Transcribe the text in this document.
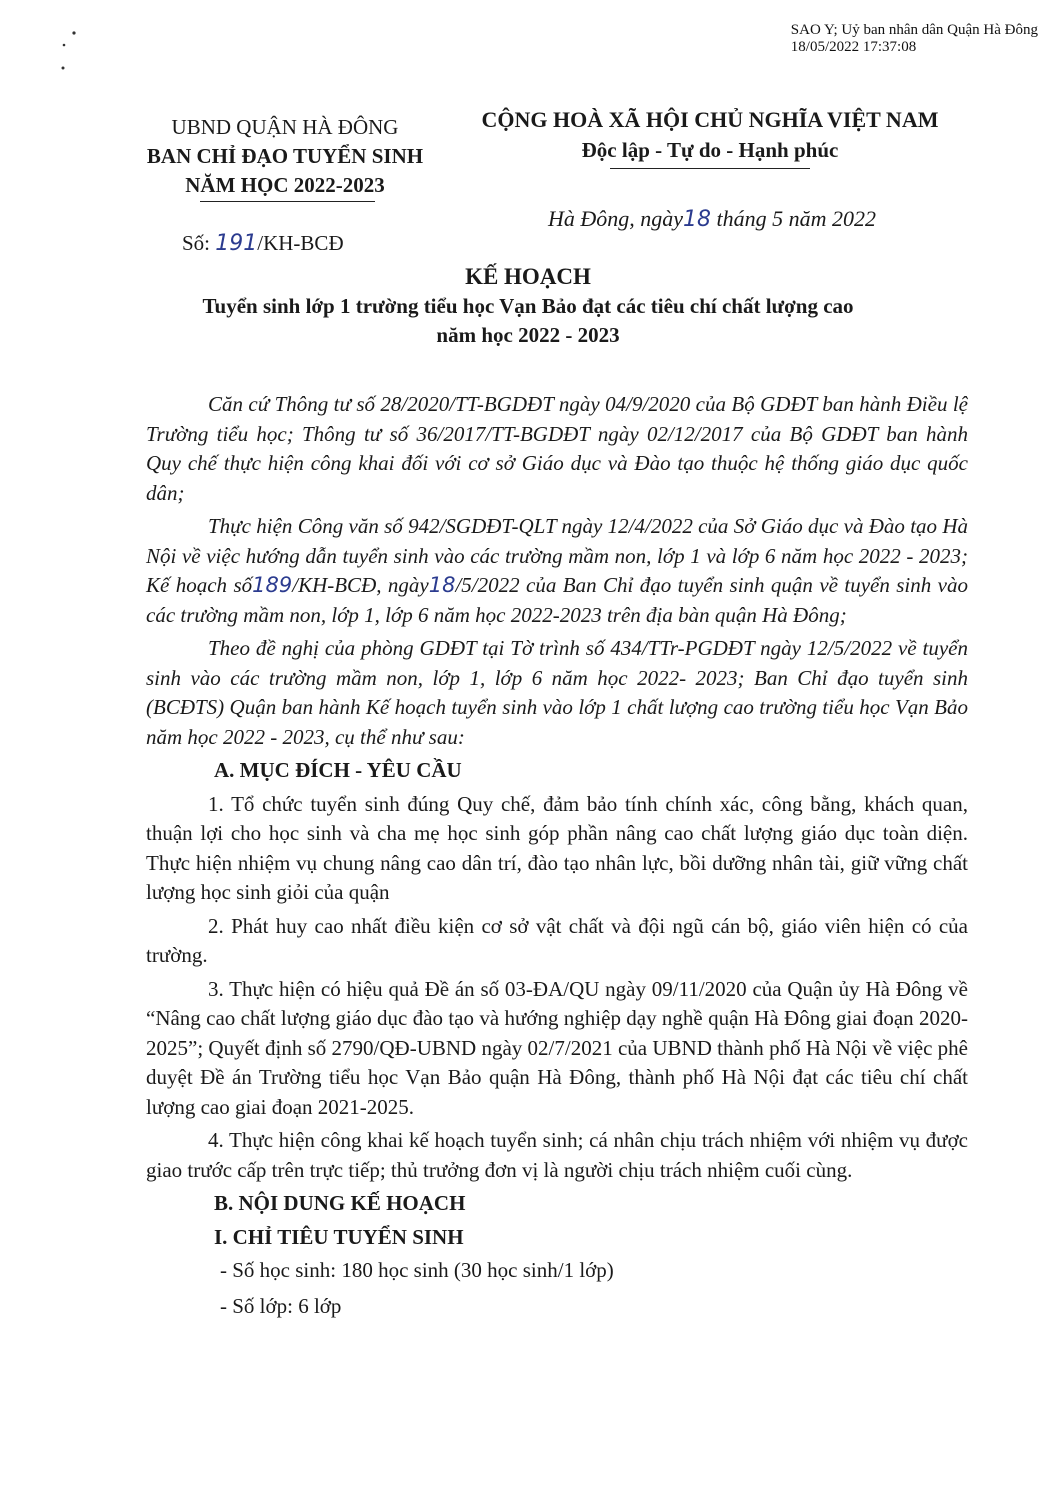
SAO Y; Uỷ ban nhân dân Quận Hà Đông
18/05/2022 17:37:08
UBND QUẬN HÀ ĐÔNG
BAN CHỈ ĐẠO TUYỂN SINH
NĂM HỌC 2022-2023
CỘNG HOÀ XÃ HỘI CHỦ NGHĨA VIỆT NAM
Độc lập - Tự do - Hạnh phúc
Hà Đông, ngày18 tháng 5 năm 2022
Số: 191/KH-BCĐ
KẾ HOẠCH
Tuyển sinh lớp 1 trường tiểu học Vạn Bảo đạt các tiêu chí chất lượng cao
năm học 2022 - 2023

Căn cứ Thông tư số 28/2020/TT-BGDĐT ngày 04/9/2020 của Bộ GDĐT ban hành Điều lệ Trường tiểu học; Thông tư số 36/2017/TT-BGDĐT ngày 02/12/2017 của Bộ GDĐT ban hành Quy chế thực hiện công khai đối với cơ sở Giáo dục và Đào tạo thuộc hệ thống giáo dục quốc dân;

Thực hiện Công văn số 942/SGDĐT-QLT ngày 12/4/2022 của Sở Giáo dục và Đào tạo Hà Nội về việc hướng dẫn tuyển sinh vào các trường mầm non, lớp 1 và lớp 6 năm học 2022 - 2023; Kế hoạch số189/KH-BCĐ, ngày18/5/2022 của Ban Chỉ đạo tuyển sinh quận về tuyển sinh vào các trường mầm non, lớp 1, lớp 6 năm học 2022-2023 trên địa bàn quận Hà Đông;

Theo đề nghị của phòng GDĐT tại Tờ trình số 434/TTr-PGDĐT ngày 12/5/2022 về tuyển sinh vào các trường mầm non, lớp 1, lớp 6 năm học 2022- 2023; Ban Chỉ đạo tuyển sinh (BCĐTS) Quận ban hành Kế hoạch tuyển sinh vào lớp 1 chất lượng cao trường tiểu học Vạn Bảo năm học 2022 - 2023, cụ thể như sau:

A. MỤC ĐÍCH - YÊU CẦU

1. Tổ chức tuyển sinh đúng Quy chế, đảm bảo tính chính xác, công bằng, khách quan, thuận lợi cho học sinh và cha mẹ học sinh góp phần nâng cao chất lượng giáo dục toàn diện. Thực hiện nhiệm vụ chung nâng cao dân trí, đào tạo nhân lực, bồi dưỡng nhân tài, giữ vững chất lượng học sinh giỏi của quận

2. Phát huy cao nhất điều kiện cơ sở vật chất và đội ngũ cán bộ, giáo viên hiện có của trường.

3. Thực hiện có hiệu quả Đề án số 03-ĐA/QU ngày 09/11/2020 của Quận ủy Hà Đông về “Nâng cao chất lượng giáo dục đào tạo và hướng nghiệp dạy nghề quận Hà Đông giai đoạn 2020-2025”; Quyết định số 2790/QĐ-UBND ngày 02/7/2021 của UBND thành phố Hà Nội về việc phê duyệt Đề án Trường tiểu học Vạn Bảo quận Hà Đông, thành phố Hà Nội đạt các tiêu chí chất lượng cao giai đoạn 2021-2025.

4. Thực hiện công khai kế hoạch tuyển sinh; cá nhân chịu trách nhiệm với nhiệm vụ được giao trước cấp trên trực tiếp; thủ trưởng đơn vị là người chịu trách nhiệm cuối cùng.

B. NỘI DUNG KẾ HOẠCH

I. CHỈ TIÊU TUYỂN SINH

- Số học sinh: 180 học sinh (30 học sinh/1 lớp)

- Số lớp: 6 lớp
